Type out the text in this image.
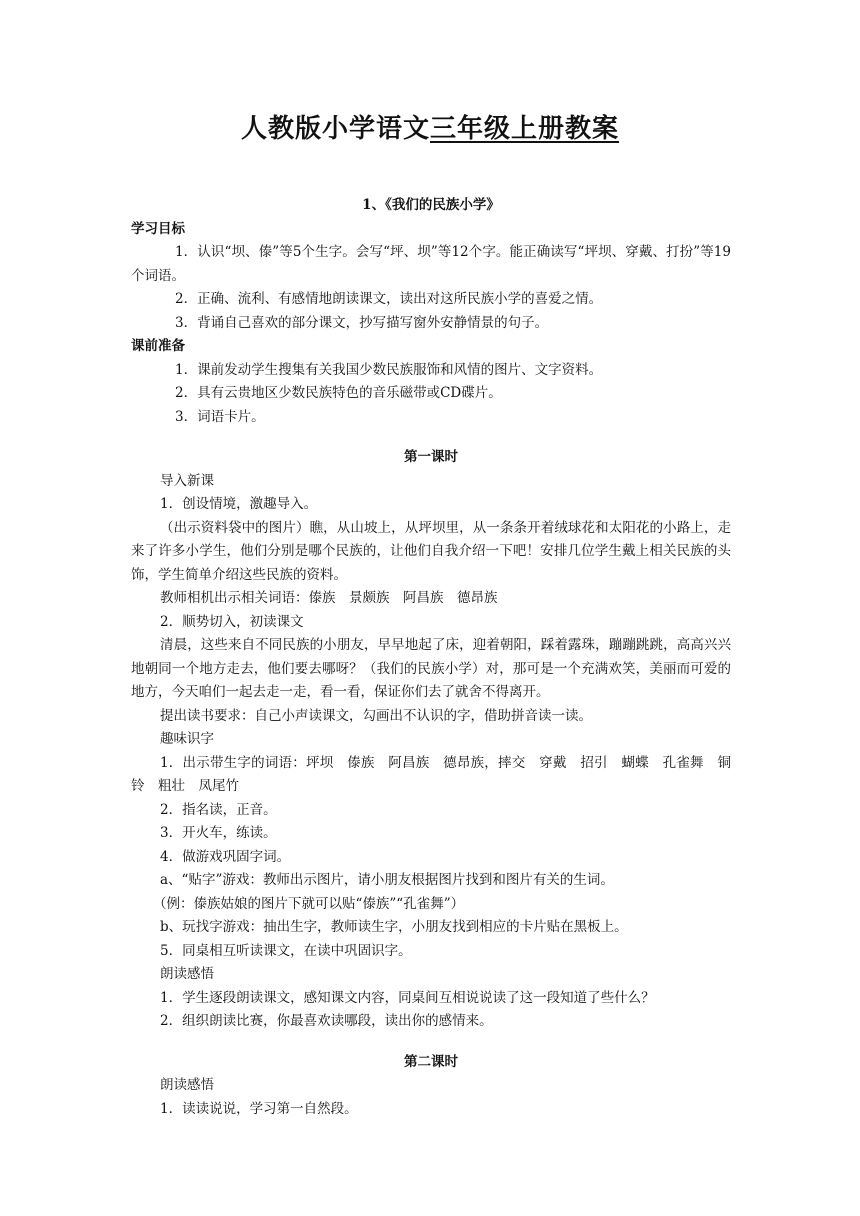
人教版小学语文三年级上册教案

1、《我们的民族小学》

学习目标

1．认识“坝、傣”等5个生字。会写“坪、坝”等12个字。能正确读写“坪坝、穿戴、打扮”等19个词语。

2．正确、流利、有感情地朗读课文，读出对这所民族小学的喜爱之情。

3．背诵自己喜欢的部分课文，抄写描写窗外安静情景的句子。

课前准备

1．课前发动学生搜集有关我国少数民族服饰和风情的图片、文字资料。

2．具有云贵地区少数民族特色的音乐磁带或CD碟片。

3．词语卡片。

第一课时

导入新课

1．创设情境，激趣导入。

（出示资料袋中的图片）瞧，从山坡上，从坪坝里，从一条条开着绒球花和太阳花的小路上，走来了许多小学生，他们分别是哪个民族的，让他们自我介绍一下吧！安排几位学生戴上相关民族的头饰，学生简单介绍这些民族的资料。

教师相机出示相关词语：傣族　景颇族　阿昌族　德昂族

2．顺势切入，初读课文

清晨，这些来自不同民族的小朋友，早早地起了床，迎着朝阳，踩着露珠，蹦蹦跳跳，高高兴兴地朝同一个地方走去，他们要去哪呀？（我们的民族小学）对，那可是一个充满欢笑，美丽而可爱的地方，今天咱们一起去走一走，看一看，保证你们去了就舍不得离开。

提出读书要求：自己小声读课文，勾画出不认识的字，借助拼音读一读。

趣味识字

1．出示带生字的词语：坪坝　傣族　阿昌族　德昂族，摔交　穿戴　招引　蝴蝶　孔雀舞　铜铃　粗壮　凤尾竹

2．指名读，正音。

3．开火车，练读。

4．做游戏巩固字词。

a、“贴字”游戏：教师出示图片，请小朋友根据图片找到和图片有关的生词。

（例：傣族姑娘的图片下就可以贴“傣族”“孔雀舞”）

b、玩找字游戏：抽出生字，教师读生字，小朋友找到相应的卡片贴在黑板上。

5．同桌相互听读课文，在读中巩固识字。

朗读感悟

1．学生逐段朗读课文，感知课文内容，同桌间互相说说读了这一段知道了些什么？

2．组织朗读比赛，你最喜欢读哪段，读出你的感情来。

第二课时

朗读感悟

1．读读说说，学习第一自然段。
